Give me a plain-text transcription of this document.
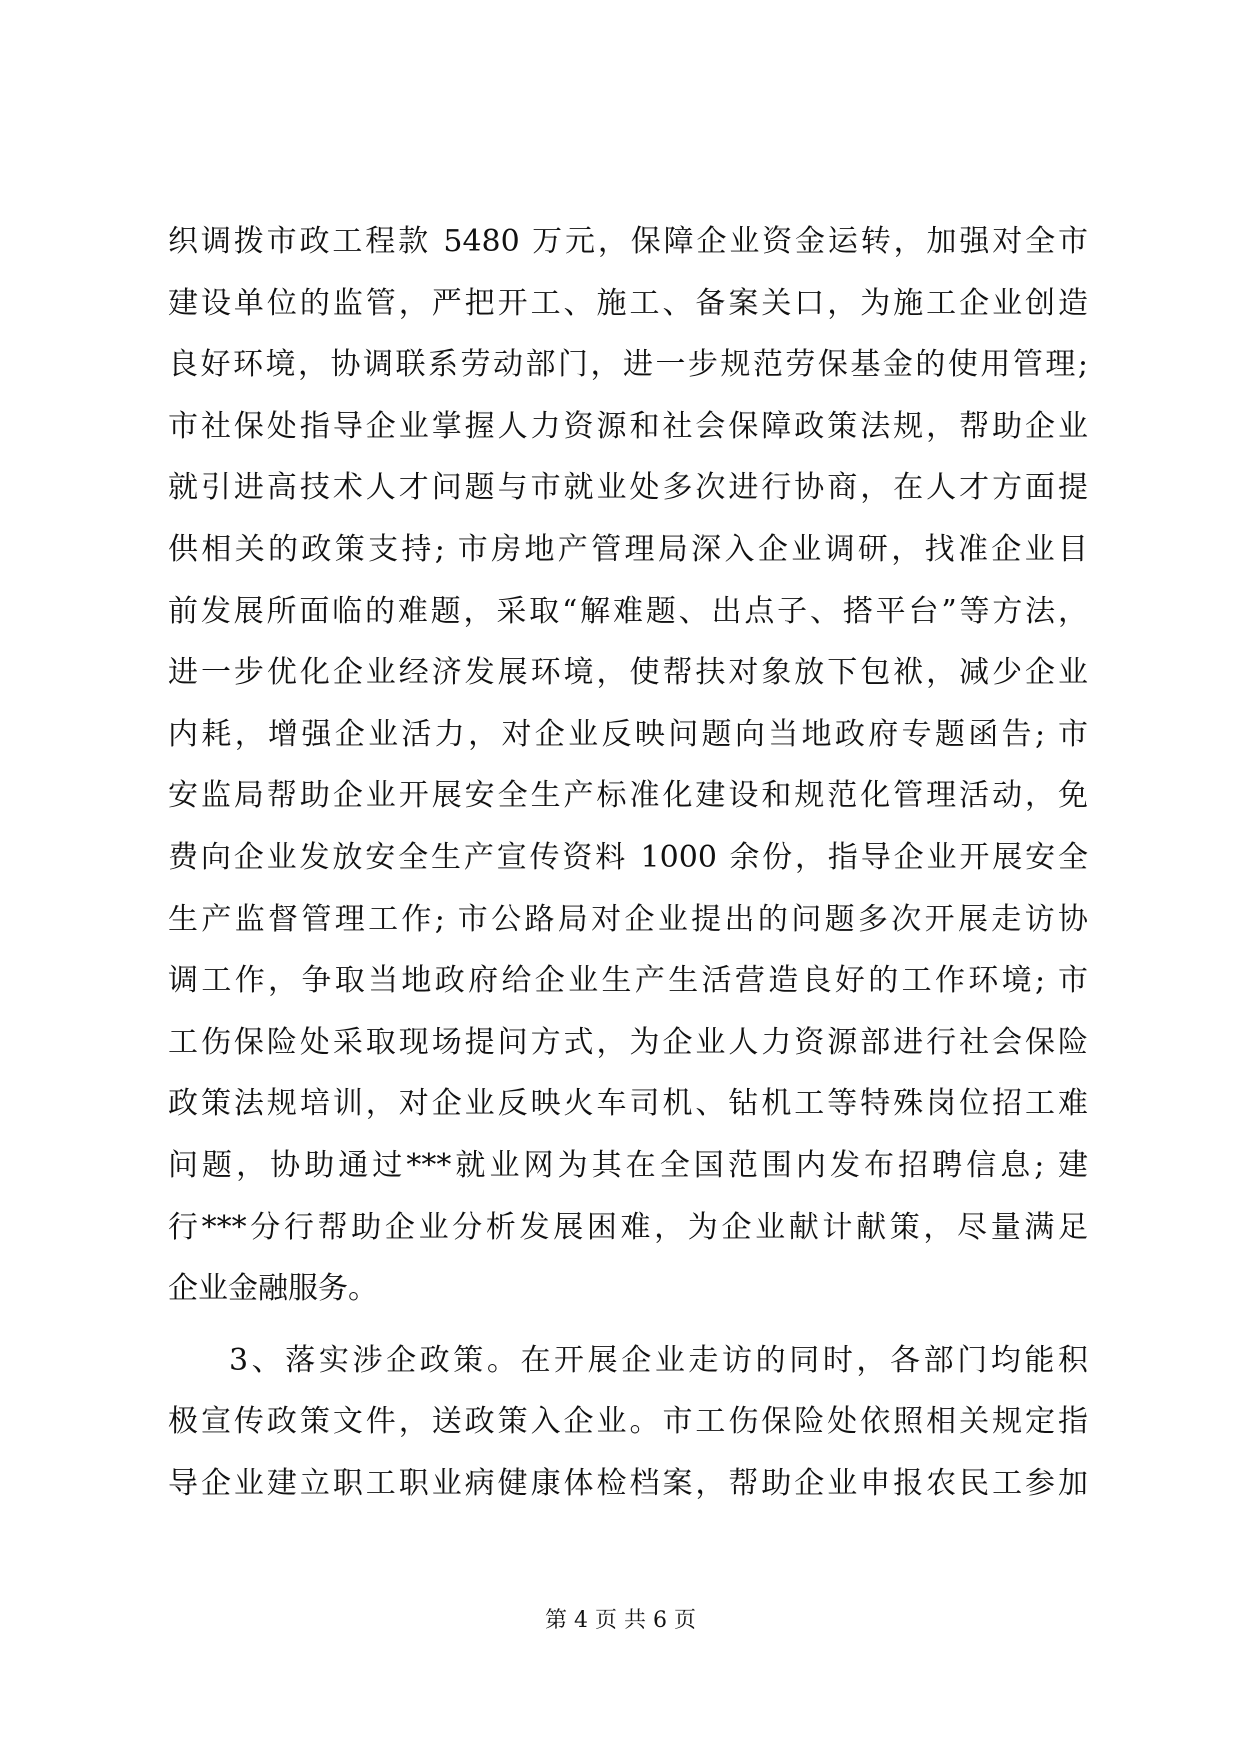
织调拨市政工程款 5480 万元，保障企业资金运转，加强对全市
建设单位的监管，严把开工、施工、备案关口，为施工企业创造
良好环境，协调联系劳动部门，进一步规范劳保基金的使用管理;
市社保处指导企业掌握人力资源和社会保障政策法规，帮助企业
就引进高技术人才问题与市就业处多次进行协商，在人才方面提
供相关的政策支持; 市房地产管理局深入企业调研，找准企业目
前发展所面临的难题，采取“解难题、出点子、搭平台”等方法，
进一步优化企业经济发展环境，使帮扶对象放下包袱，减少企业
内耗，增强企业活力，对企业反映问题向当地政府专题函告; 市
安监局帮助企业开展安全生产标准化建设和规范化管理活动，免
费向企业发放安全生产宣传资料 1000 余份，指导企业开展安全
生产监督管理工作; 市公路局对企业提出的问题多次开展走访协
调工作，争取当地政府给企业生产生活营造良好的工作环境; 市
工伤保险处采取现场提问方式，为企业人力资源部进行社会保险
政策法规培训，对企业反映火车司机、钻机工等特殊岗位招工难
问题，协助通过***就业网为其在全国范围内发布招聘信息; 建
行***分行帮助企业分析发展困难，为企业献计献策，尽量满足
企业金融服务。
3、落实涉企政策。在开展企业走访的同时，各部门均能积
极宣传政策文件，送政策入企业。市工伤保险处依照相关规定指
导企业建立职工职业病健康体检档案，帮助企业申报农民工参加
第 4 页 共 6 页
